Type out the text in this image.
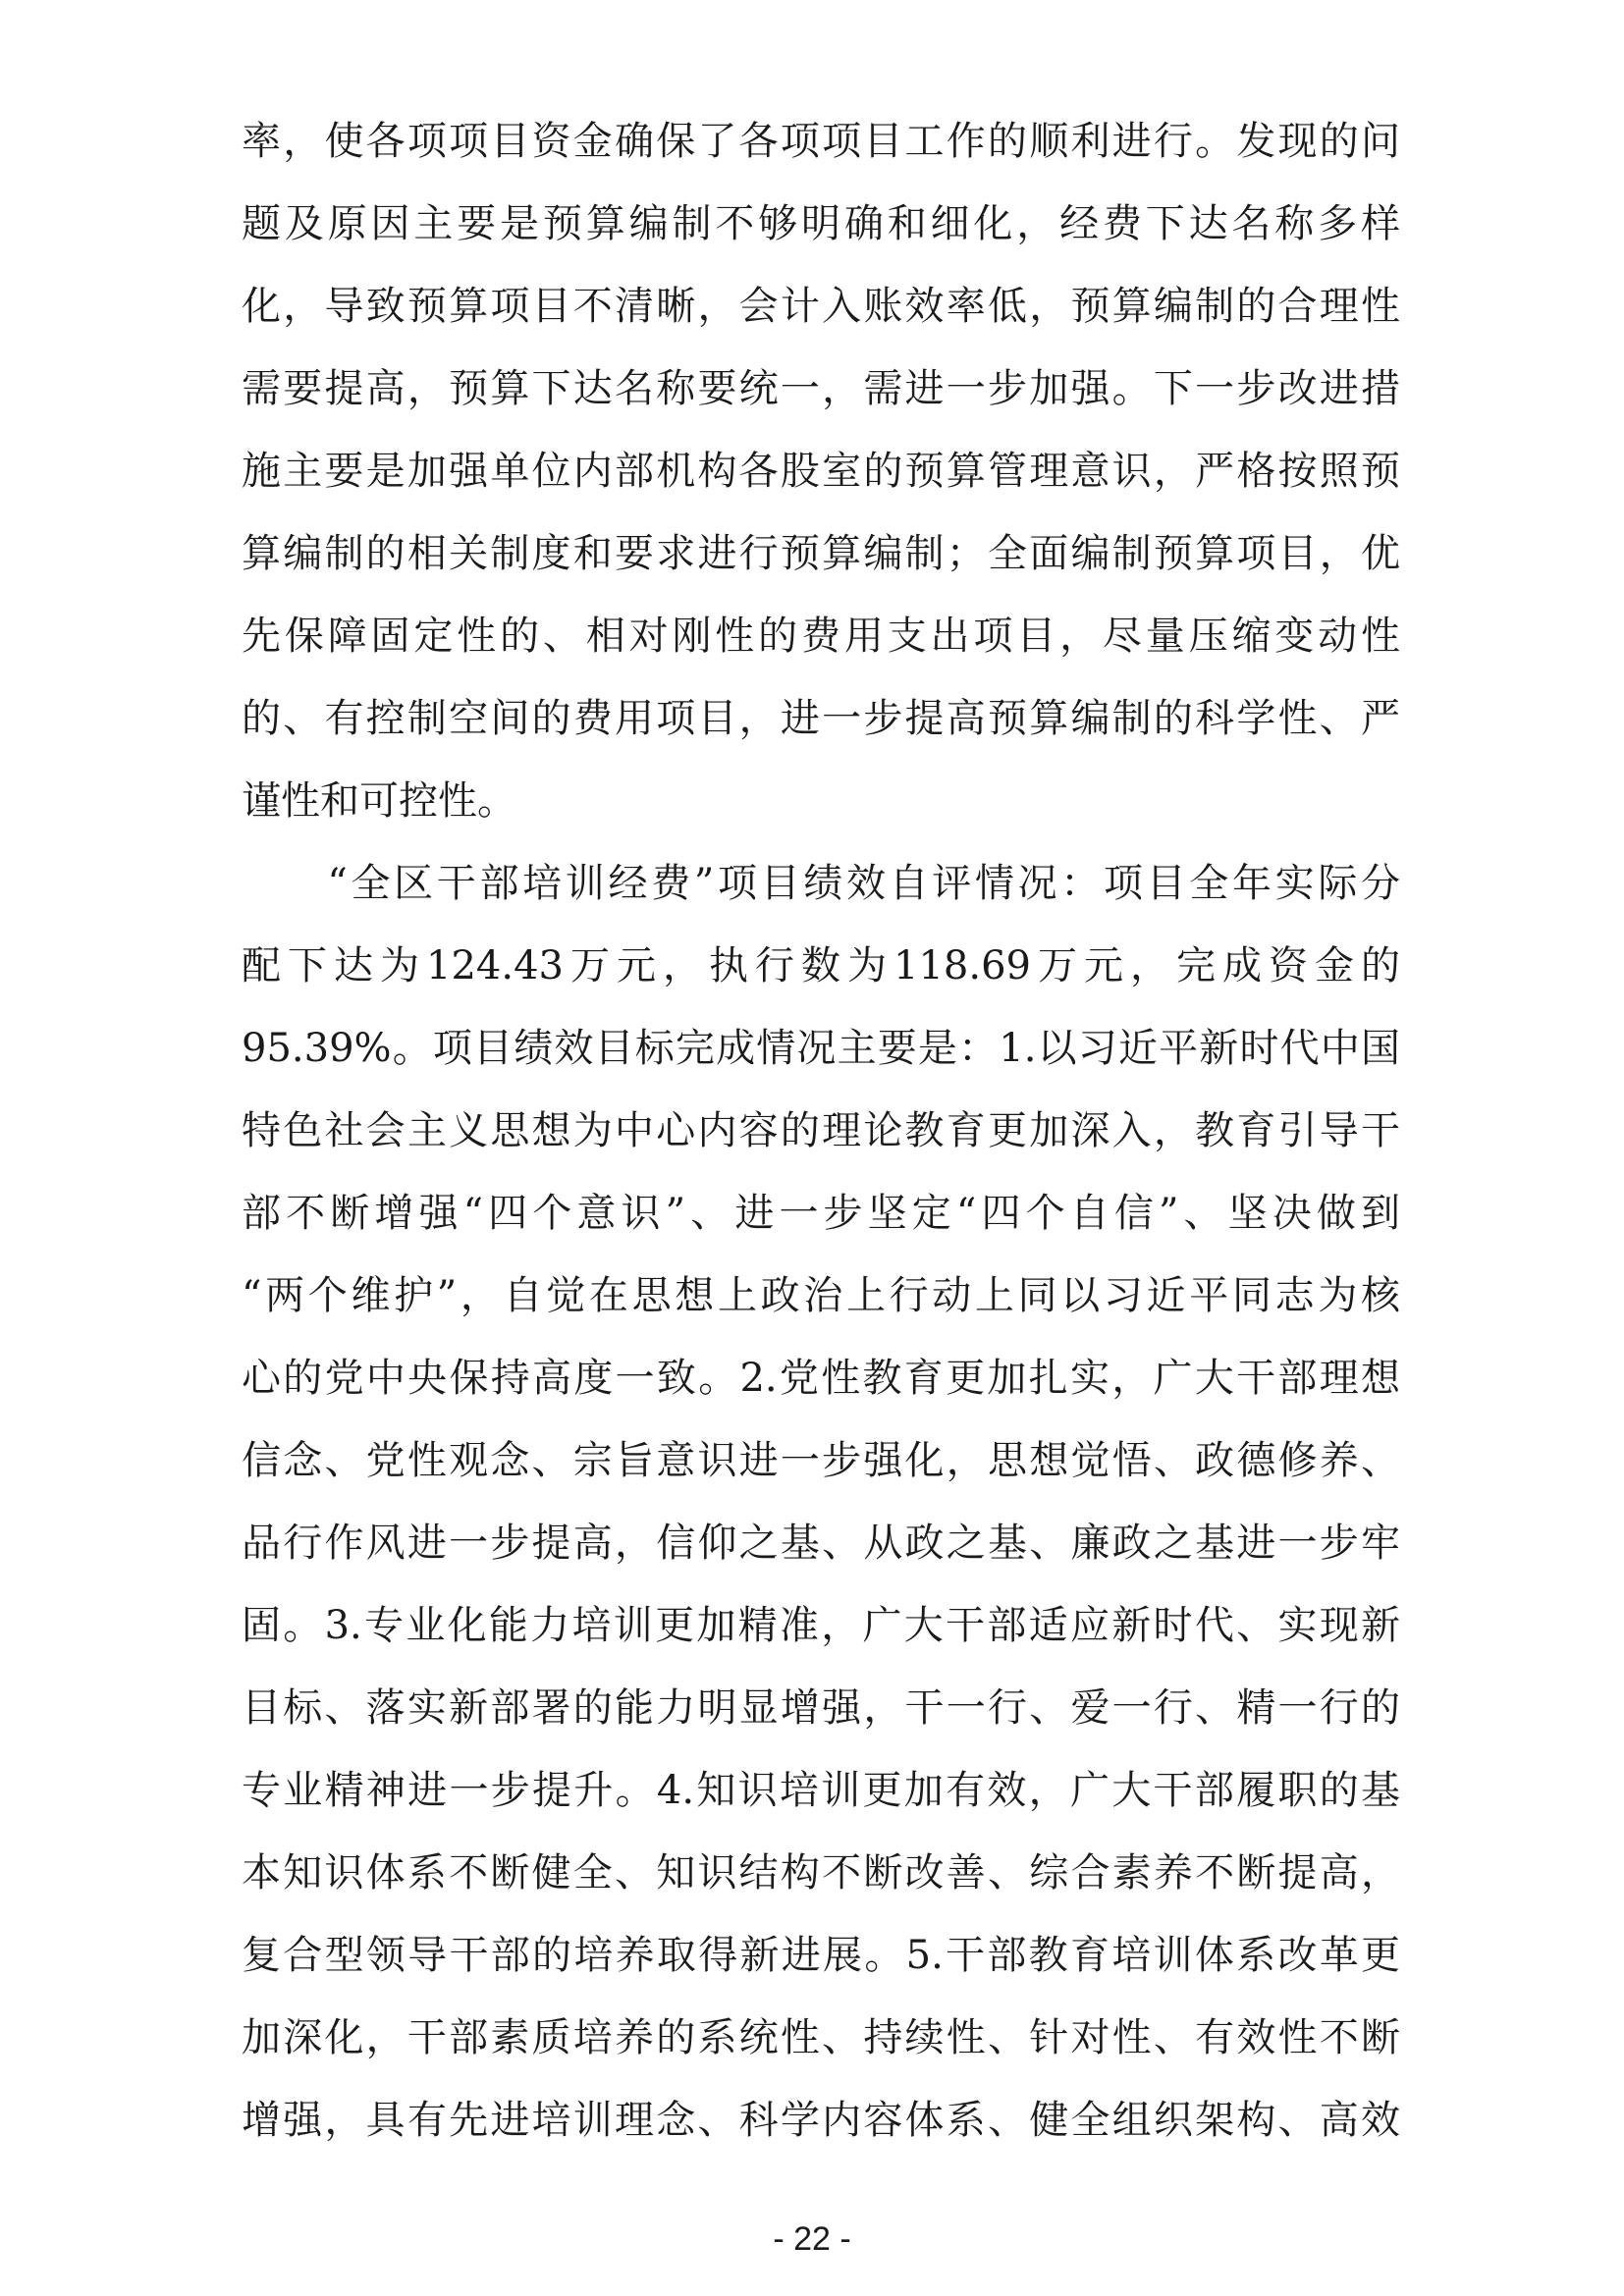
率，使各项项目资金确保了各项项目工作的顺利进行。发现的问
题及原因主要是预算编制不够明确和细化，经费下达名称多样
化，导致预算项目不清晰，会计入账效率低，预算编制的合理性
需要提高，预算下达名称要统一，需进一步加强。下一步改进措
施主要是加强单位内部机构各股室的预算管理意识，严格按照预
算编制的相关制度和要求进行预算编制；全面编制预算项目，优
先保障固定性的、相对刚性的费用支出项目，尽量压缩变动性
的、有控制空间的费用项目，进一步提高预算编制的科学性、严
谨性和可控性。
　　“全区干部培训经费”项目绩效自评情况：项目全年实际分
配下达为124.43万元，执行数为118.69万元，完成资金的
95.39%。项目绩效目标完成情况主要是：1.以习近平新时代中国
特色社会主义思想为中心内容的理论教育更加深入，教育引导干
部不断增强“四个意识”、进一步坚定“四个自信”、坚决做到
“两个维护”，自觉在思想上政治上行动上同以习近平同志为核
心的党中央保持高度一致。2.党性教育更加扎实，广大干部理想
信念、党性观念、宗旨意识进一步强化，思想觉悟、政德修养、
品行作风进一步提高，信仰之基、从政之基、廉政之基进一步牢
固。3.专业化能力培训更加精准，广大干部适应新时代、实现新
目标、落实新部署的能力明显增强，干一行、爱一行、精一行的
专业精神进一步提升。4.知识培训更加有效，广大干部履职的基
本知识体系不断健全、知识结构不断改善、综合素养不断提高，
复合型领导干部的培养取得新进展。5.干部教育培训体系改革更
加深化，干部素质培养的系统性、持续性、针对性、有效性不断
增强，具有先进培训理念、科学内容体系、健全组织架构、高效
- 22 -
